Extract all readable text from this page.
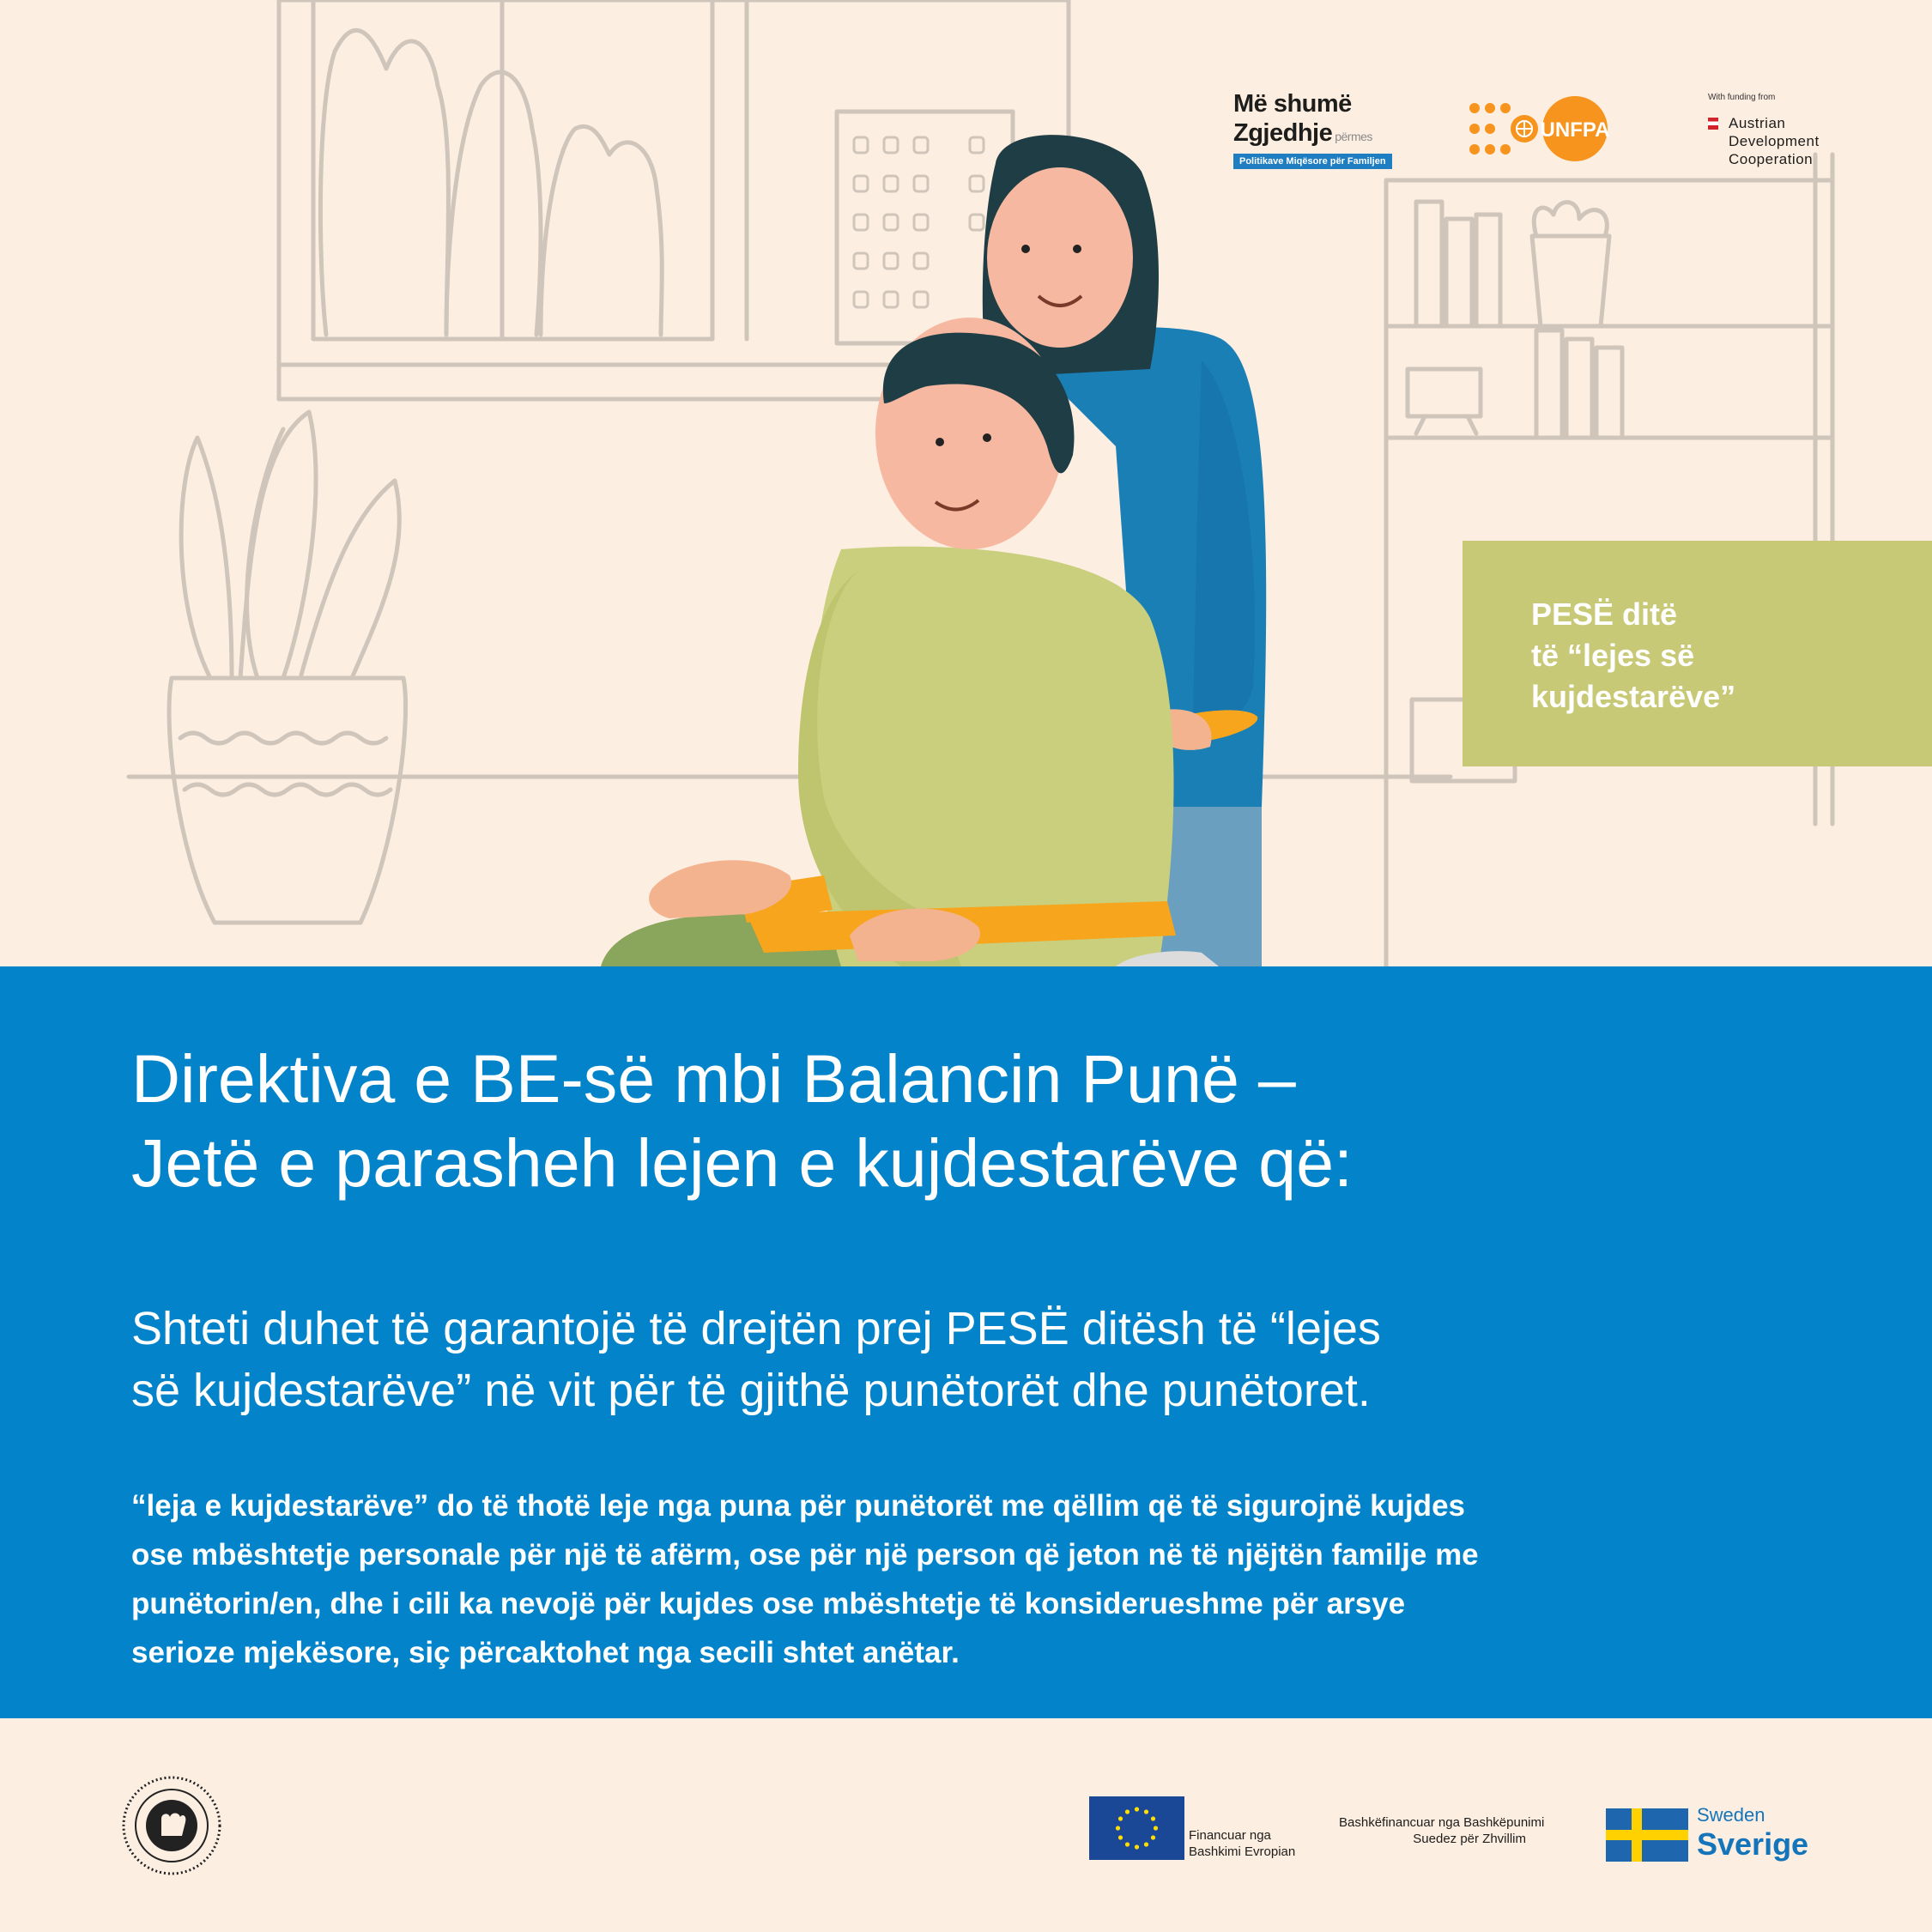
Më shumë
Zgjedhje përmes
Politikave Miqësore për Familjen
UNFPA
With funding from
Austrian
Development
Cooperation
PESË ditë
të “lejes së
kujdestarëve”
Direktiva e BE-së mbi Balancin Punë –
Jetë e parasheh lejen e kujdestarëve që:
Shteti duhet të garantojë të drejtën prej PESË ditësh të “lejes
së kujdestarëve” në vit për të gjithë punëtorët dhe punëtoret.
“leja e kujdestarëve” do të thotë leje nga puna për punëtorët me qëllim që të sigurojnë kujdes
ose mbështetje personale për një të afërm, ose për një person që jeton në të njëjtën familje me
punëtorin/en, dhe i cili ka nevojë për kujdes ose mbështetje të konsiderueshme për arsye
serioze mjekësore, siç përcaktohet nga secili shtet anëtar.
Financuar nga
Bashkimi Evropian
Bashkëfinancuar nga Bashkëpunimi
Suedez për Zhvillim
Sweden
Sverige
